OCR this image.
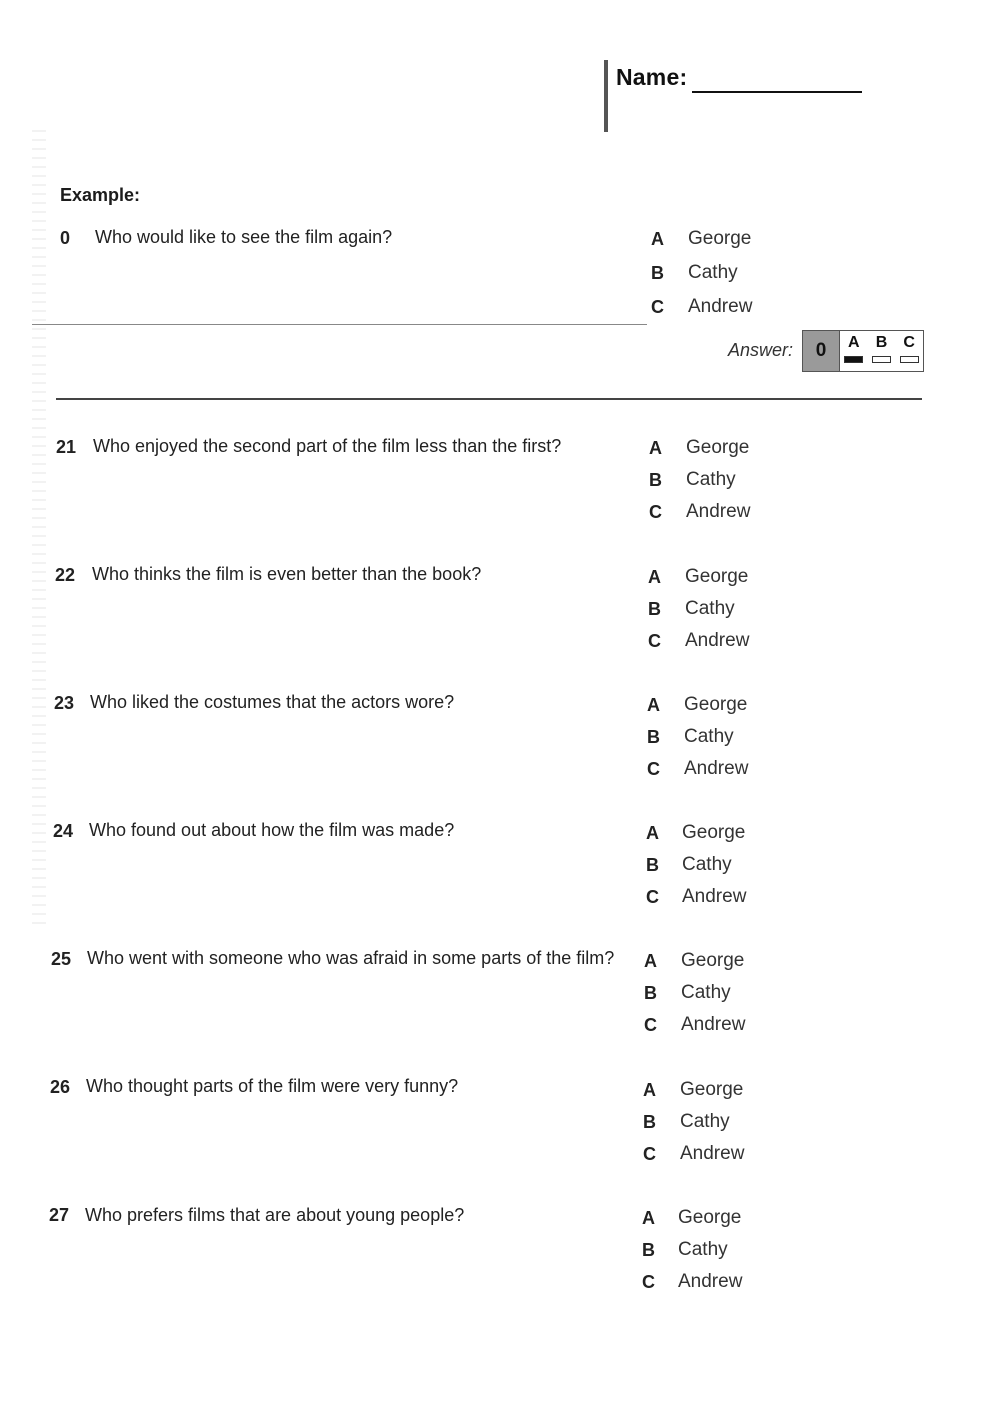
Name:
Example:
0 Who would like to see the film again?	A George
B Cathy
C Andrew
Answer:	0	A B C
21 Who enjoyed the second part of the film less than the first?	A George
B Cathy
C Andrew
22 Who thinks the film is even better than the book?	A George
B Cathy
C Andrew
23 Who liked the costumes that the actors wore?	A George
B Cathy
C Andrew
24 Who found out about how the film was made?	A George
B Cathy
C Andrew
25 Who went with someone who was afraid in some parts of the film? A George
B Cathy
C Andrew
26 Who thought parts of the film were very funny?	A George
B Cathy
C Andrew
27 Who prefers films that are about young people?	A George
B Cathy
C Andrew
